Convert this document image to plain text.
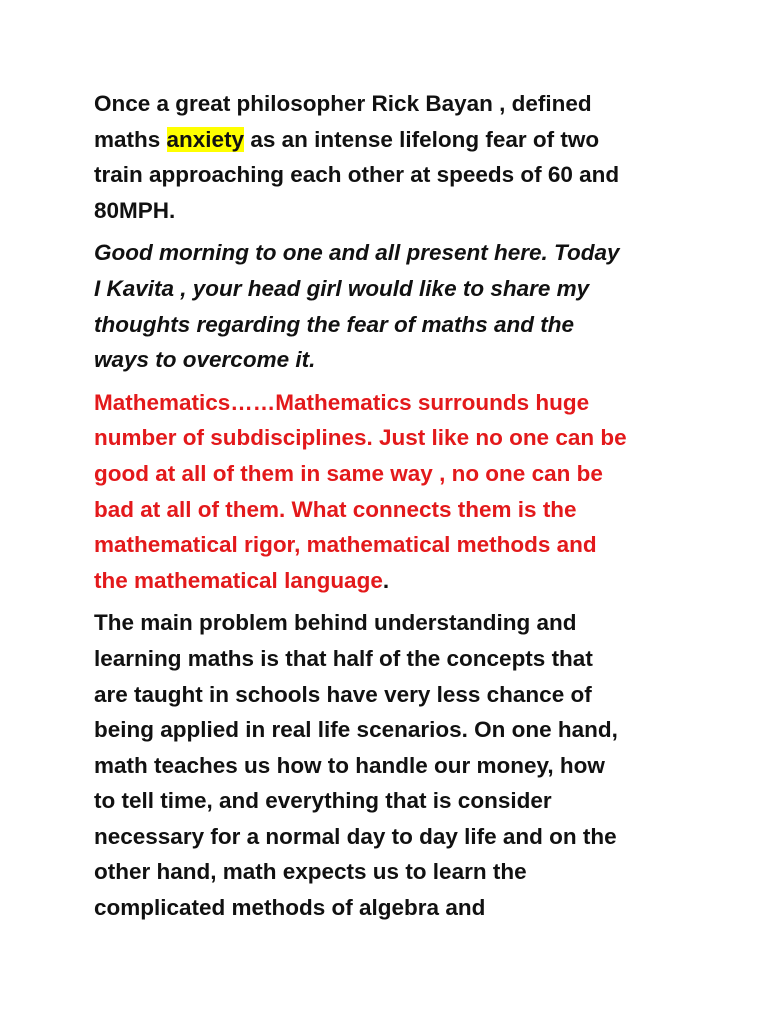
Once a great philosopher Rick Bayan , defined
maths anxiety as an intense lifelong fear of two
train approaching each other at speeds of 60 and
80MPH.
Good morning to one and all present here. Today
I Kavita , your head girl would like to share my
thoughts regarding the fear of maths and the
ways to overcome it.
Mathematics……Mathematics surrounds huge
number of subdisciplines. Just like no one can be
good at all of them in same way , no one can be
bad at all of them. What connects them is the
mathematical rigor, mathematical methods and
the mathematical language.
The main problem behind understanding and
learning maths is that half of the concepts that
are taught in schools have very less chance of
being applied in real life scenarios. On one hand,
math teaches us how to handle our money, how
to tell time, and everything that is consider
necessary for a normal day to day life and on the
other hand, math expects us to learn the
complicated methods of algebra and
